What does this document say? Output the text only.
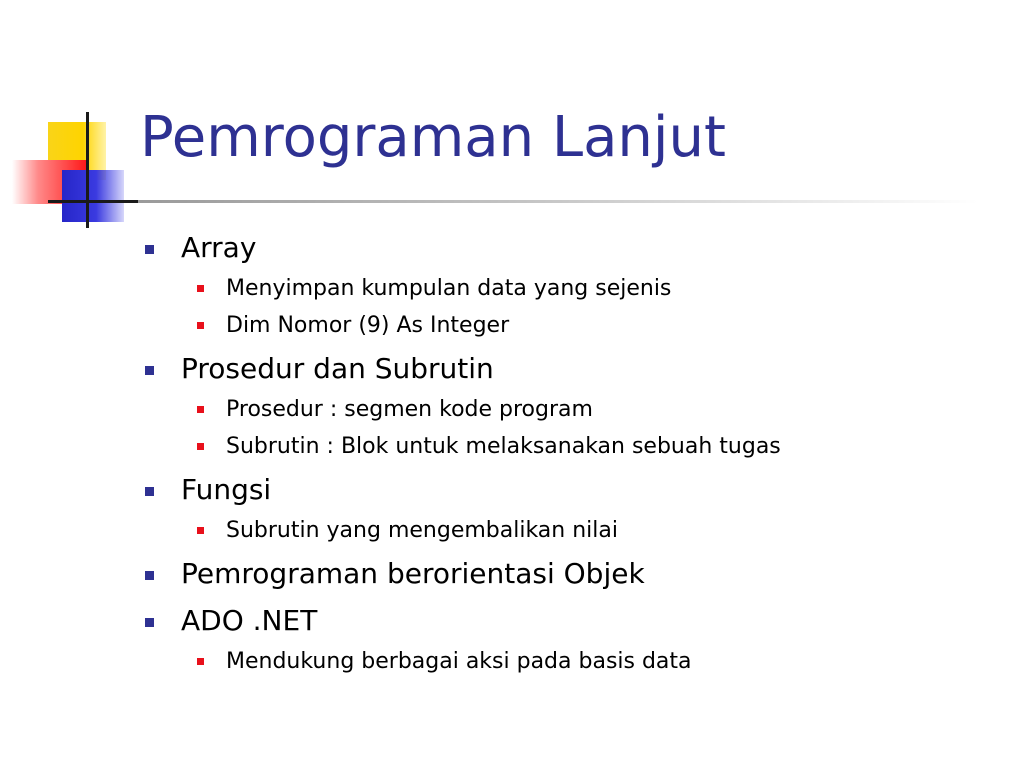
Pemrograman Lanjut
Array
Menyimpan kumpulan data yang sejenis
Dim Nomor (9) As Integer
Prosedur dan Subrutin
Prosedur : segmen kode program
Subrutin : Blok untuk melaksanakan sebuah tugas
Fungsi
Subrutin yang mengembalikan nilai
Pemrograman berorientasi Objek
ADO .NET
Mendukung berbagai aksi pada basis data
